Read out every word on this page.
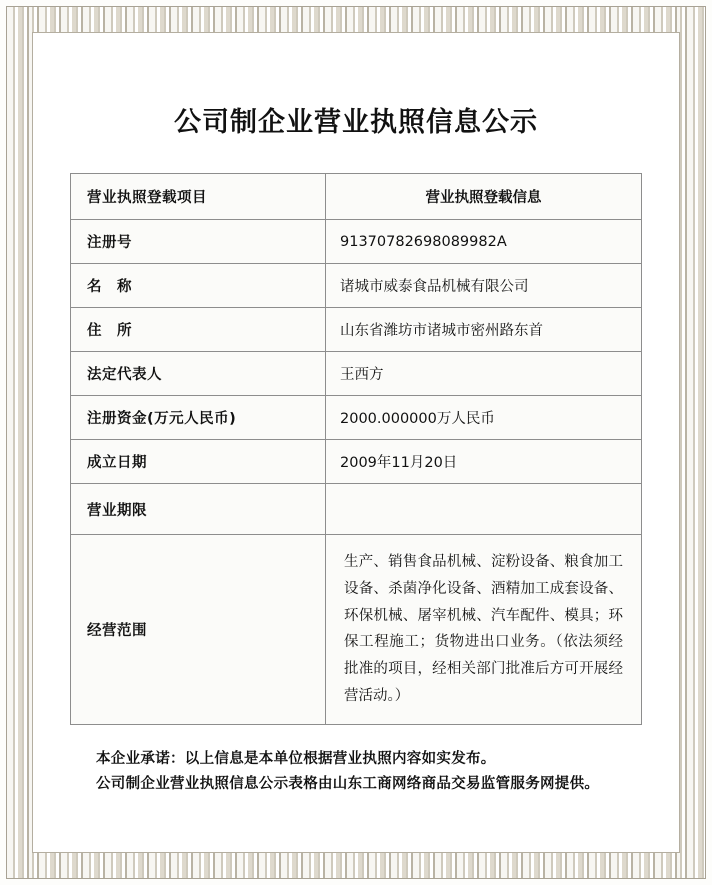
公司制企业营业执照信息公示
营业执照登载项目	营业执照登载信息
注册号	91370782698089982A
名　称	诸城市威泰食品机械有限公司
住　所	山东省潍坊市诸城市密州路东首
法定代表人	王西方
注册资金(万元人民币)	2000.000000万人民币
成立日期	2009年11月20日
营业期限	
经营范围	生产、销售食品机械、淀粉设备、粮食加工设备、杀菌净化设备、酒精加工成套设备、环保机械、屠宰机械、汽车配件、模具；环保工程施工；货物进出口业务。（依法须经批准的项目，经相关部门批准后方可开展经营活动。）
本企业承诺：以上信息是本单位根据营业执照内容如实发布。
公司制企业营业执照信息公示表格由山东工商网络商品交易监管服务网提供。
